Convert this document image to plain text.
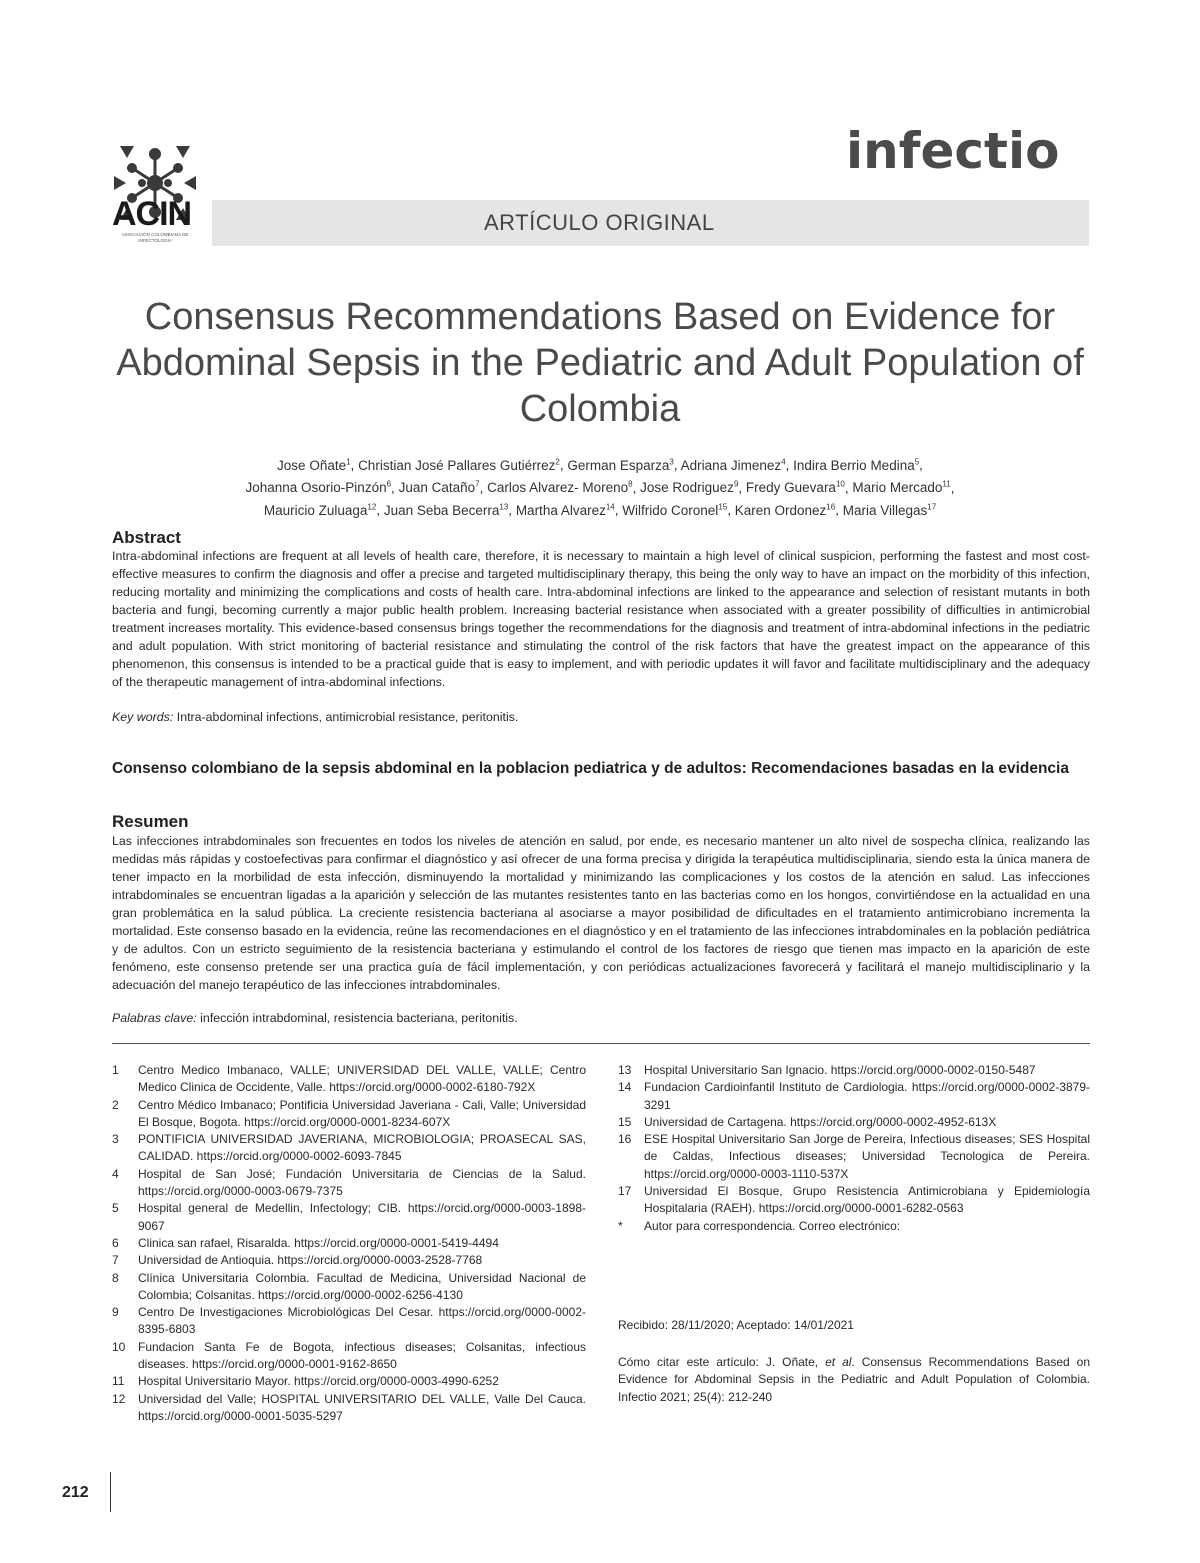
ACIN
ASOCIACIÓN COLOMBIANA DE INFECTOLOGÍA
infectio
ARTÍCULO ORIGINAL
Consensus Recommendations Based on Evidence for Abdominal Sepsis in the Pediatric and Adult Population of Colombia
Jose Oñate$^1$, Christian José Pallares Gutiérrez$^2$, German Esparza$^3$, Adriana Jimenez$^4$, Indira Berrio Medina$^5$,
Johanna Osorio-Pinzón$^6$, Juan Cataño$^7$, Carlos Alvarez- Moreno$^8$, Jose Rodriguez$^9$, Fredy Guevara$^{10}$, Mario Mercado$^{11}$,
Mauricio Zuluaga$^{12}$, Juan Seba Becerra$^{13}$, Martha Alvarez$^{14}$, Wilfrido Coronel$^{15}$, Karen Ordonez$^{16}$, Maria Villegas$^{17}$
Abstract
Intra-abdominal infections are frequent at all levels of health care, therefore, it is necessary to maintain a high level of clinical suspicion, performing the fastest and most cost-effective measures to confirm the diagnosis and offer a precise and targeted multidisciplinary therapy, this being the only way to have an impact on the morbidity of this infection, reducing mortality and minimizing the complications and costs of health care. Intra-abdominal infections are linked to the appearance and selection of resistant mutants in both bacteria and fungi, becoming currently a major public health problem. Increasing bacterial resistance when associated with a greater possibility of difficulties in antimicrobial treatment increases mortality. This evidence-based consensus brings together the recommendations for the diagnosis and treatment of intra-abdominal infections in the pediatric and adult population. With strict monitoring of bacterial resistance and stimulating the control of the risk factors that have the greatest impact on the appearance of this phenomenon, this consensus is intended to be a practical guide that is easy to implement, and with periodic updates it will favor and facilitate multidisciplinary and the adequacy of the therapeutic management of intra-abdominal infections.
Key words: Intra-abdominal infections, antimicrobial resistance, peritonitis.
Consenso colombiano de la sepsis abdominal en la poblacion pediatrica y de adultos: Recomendaciones basadas en la evidencia
Resumen
Las infecciones intrabdominales son frecuentes en todos los niveles de atención en salud, por ende, es necesario mantener un alto nivel de sospecha clínica, realizando las medidas más rápidas y costoefectivas para confirmar el diagnóstico y así ofrecer de una forma precisa y dirigida la terapéutica multidisciplinaria, siendo esta la única manera de tener impacto en la morbilidad de esta infección, disminuyendo la mortalidad y minimizando las complicaciones y los costos de la atención en salud. Las infecciones intrabdominales se encuentran ligadas a la aparición y selección de las mutantes resistentes tanto en las bacterias como en los hongos, convirtiéndose en la actualidad en una gran problemática en la salud pública. La creciente resistencia bacteriana al asociarse a mayor posibilidad de dificultades en el tratamiento antimicrobiano incrementa la mortalidad. Este consenso basado en la evidencia, reúne las recomendaciones en el diagnóstico y en el tratamiento de las infecciones intrabdominales en la población pediátrica y de adultos. Con un estricto seguimiento de la resistencia bacteriana y estimulando el control de los factores de riesgo que tienen mas impacto en la aparición de este fenómeno, este consenso pretende ser una practica guía de fácil implementación, y con periódicas actualizaciones favorecerá y facilitará el manejo multidisciplinario y la adecuación del manejo terapéutico de las infecciones intrabdominales.
Palabras clave: infección intrabdominal, resistencia bacteriana, peritonitis.
1	Centro Medico Imbanaco, VALLE; UNIVERSIDAD DEL VALLE, VALLE; Centro Medico Clinica de Occidente, Valle. https://orcid.org/0000-0002-6180-792X
2	Centro Médico Imbanaco; Pontificia Universidad Javeriana - Cali, Valle; Universidad El Bosque, Bogota. https://orcid.org/0000-0001-8234-607X
3	PONTIFICIA UNIVERSIDAD JAVERIANA, MICROBIOLOGIA; PROASECAL SAS, CALIDAD. https://orcid.org/0000-0002-6093-7845
4	Hospital de San José; Fundación Universitaria de Ciencias de la Salud. https://orcid.org/0000-0003-0679-7375
5	Hospital general de Medellin, Infectology; CIB. https://orcid.org/0000-0003-1898-9067
6	Clinica san rafael, Risaralda. https://orcid.org/0000-0001-5419-4494
7	Universidad de Antioquia. https://orcid.org/0000-0003-2528-7768
8	Clínica Universitaria Colombia. Facultad de Medicina, Universidad Nacional de Colombia; Colsanitas. https://orcid.org/0000-0002-6256-4130
9	Centro De Investigaciones Microbiológicas Del Cesar. https://orcid.org/0000-0002-8395-6803
10	Fundacion Santa Fe de Bogota, infectious diseases; Colsanitas, infectious diseases. https://orcid.org/0000-0001-9162-8650
11	Hospital Universitario Mayor. https://orcid.org/0000-0003-4990-6252
12	Universidad del Valle; HOSPITAL UNIVERSITARIO DEL VALLE, Valle Del Cauca. https://orcid.org/0000-0001-5035-5297
13	Hospital Universitario San Ignacio. https://orcid.org/0000-0002-0150-5487
14	Fundacion Cardioinfantil Instituto de Cardiologia. https://orcid.org/0000-0002-3879-3291
15	Universidad de Cartagena. https://orcid.org/0000-0002-4952-613X
16	ESE Hospital Universitario San Jorge de Pereira, Infectious diseases; SES Hospital de Caldas, Infectious diseases; Universidad Tecnologica de Pereira. https://orcid.org/0000-0003-1110-537X
17	Universidad El Bosque, Grupo Resistencia Antimicrobiana y Epidemiología Hospitalaria (RAEH). https://orcid.org/0000-0001-6282-0563
*	Autor para correspondencia. Correo electrónico:
Recibido: 28/11/2020; Aceptado: 14/01/2021
Cómo citar este artículo: J. Oñate, et al. Consensus Recommendations Based on Evidence for Abdominal Sepsis in the Pediatric and Adult Population of Colombia. Infectio 2021; 25(4): 212-240
212
